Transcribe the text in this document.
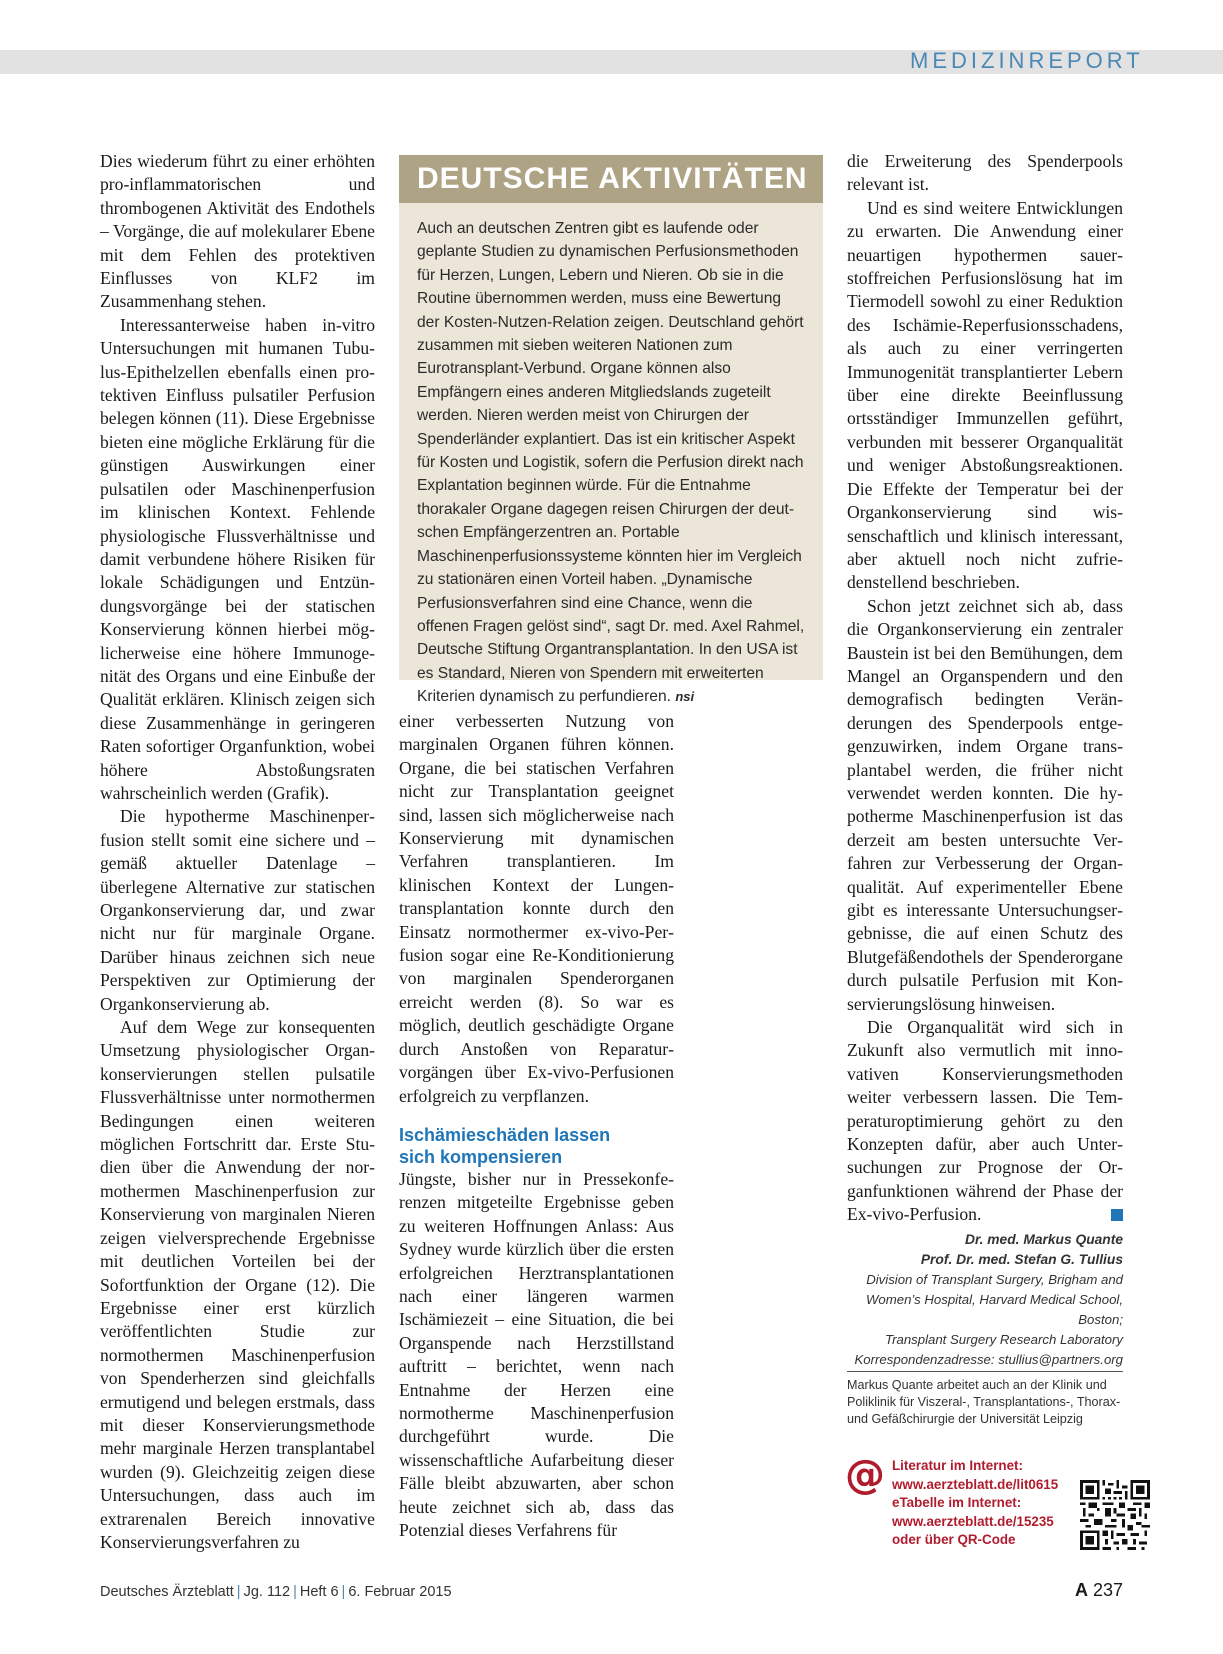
MEDIZINREPORT

Dies wiederum führt zu einer erhöhten pro-inflammatorischen und thrombogenen Aktivität des Endothels – Vorgänge, die auf molekularer Ebene mit dem Fehlen des protektiven Einflusses von KLF2 im Zusammenhang stehen.

Interessanterweise haben in-vitro Untersuchungen mit humanen Tubulus-Epithelzellen ebenfalls einen protektiven Einfluss pulsatiler Perfusion belegen können (11). Diese Ergebnisse bieten eine mögliche Erklärung für die günstigen Auswirkungen einer pulsatilen oder Maschinenperfusion im klinischen Kontext. Fehlende physiologische Flussverhältnisse und damit verbundene höhere Risiken für lokale Schädigungen und Entzündungsvorgänge bei der statischen Konservierung können hierbei möglicherweise eine höhere Immunogenität des Organs und eine Einbuße der Qualität erklären. Klinisch zeigen sich diese Zusammenhänge in geringeren Raten sofortiger Organfunktion, wobei höhere Abstoßungsraten wahrscheinlich werden (Grafik).

Die hypotherme Maschinenperfusion stellt somit eine sichere und – gemäß aktueller Datenlage – überlegene Alternative zur statischen Organkonservierung dar, und zwar nicht nur für marginale Organe. Darüber hinaus zeichnen sich neue Perspektiven zur Optimierung der Organkonservierung ab.

Auf dem Wege zur konsequenten Umsetzung physiologischer Organkonservierungen stellen pulsatile Flussverhältnisse unter normothermen Bedingungen einen weiteren möglichen Fortschritt dar. Erste Studien über die Anwendung der normothermen Maschinenperfusion zur Konservierung von marginalen Nieren zeigen vielversprechende Ergebnisse mit deutlichen Vorteilen bei der Sofortfunktion der Organe (12). Die Ergebnisse einer erst kürzlich veröffentlichten Studie zur normothermen Maschinenperfusion von Spenderherzen sind gleichfalls ermutigend und belegen erstmals, dass mit dieser Konservierungsmethode mehr marginale Herzen transplantabel wurden (9). Gleichzeitig zeigen diese Untersuchungen, dass auch im extrarenalen Bereich innovative Konservierungsverfahren zu

DEUTSCHE AKTIVITÄTEN
Auch an deutschen Zentren gibt es laufende oder geplante Studien zu dynamischen Perfusionsmethoden für Herzen, Lungen, Lebern und Nieren. Ob sie in die Routine übernommen werden, muss eine Bewertung der Kosten-Nutzen-Relation zeigen. Deutschland gehört zusammen mit sieben weiteren Nationen zum Eurotransplant-Verbund. Organe können also Empfängern eines anderen Mitgliedslands zugeteilt werden. Nieren werden meist von Chirurgen der Spenderländer explantiert. Das ist ein kritischer Aspekt für Kosten und Logistik, sofern die Perfusion direkt nach Explantation beginnen würde. Für die Entnahme thorakaler Organe dagegen reisen Chirurgen der deutschen Empfängerzentren an. Portable Maschinenperfusionssysteme könnten hier im Vergleich zu stationären einen Vorteil haben. „Dynamische Perfusionsverfahren sind eine Chance, wenn die offenen Fragen gelöst sind“, sagt Dr. med. Axel Rahmel, Deutsche Stiftung Organtransplantation. In den USA ist es Standard, Nieren von Spendern mit erweiterten Kriterien dynamisch zu perfundieren. nsi

einer verbesserten Nutzung von marginalen Organen führen können. Organe, die bei statischen Verfahren nicht zur Transplantation geeignet sind, lassen sich möglicherweise nach Konservierung mit dynamischen Verfahren transplantieren. Im klinischen Kontext der Lungentransplantation konnte durch den Einsatz normothermer ex-vivo-Perfusion sogar eine Re-Konditionierung von marginalen Spenderorganen erreicht werden (8). So war es möglich, deutlich geschädigte Organe durch Anstoßen von Reparaturvorgängen über Ex-vivo-Perfusionen erfolgreich zu verpflanzen.

Ischämieschäden lassen
sich kompensieren

Jüngste, bisher nur in Pressekonferenzen mitgeteilte Ergebnisse geben zu weiteren Hoffnungen Anlass: Aus Sydney wurde kürzlich über die ersten erfolgreichen Herztransplantationen nach einer längeren warmen Ischämiezeit – eine Situation, die bei Organspende nach Herzstillstand auftritt – berichtet, wenn nach Entnahme der Herzen eine normotherme Maschinenperfusion durchgeführt wurde. Die wissenschaftliche Aufarbeitung dieser Fälle bleibt abzuwarten, aber schon heute zeichnet sich ab, dass das Potenzial dieses Verfahrens für

die Erweiterung des Spenderpools relevant ist.

Und es sind weitere Entwicklungen zu erwarten. Die Anwendung einer neuartigen hypothermen sauerstoffreichen Perfusionslösung hat im Tiermodell sowohl zu einer Reduktion des Ischämie-Reperfusionsschadens, als auch zu einer verringerten Immunogenität transplantierter Lebern über eine direkte Beeinflussung ortsständiger Immunzellen geführt, verbunden mit besserer Organqualität und weniger Abstoßungsreaktionen. Die Effekte der Temperatur bei der Organkonservierung sind wissenschaftlich und klinisch interessant, aber aktuell noch nicht zufriedenstellend beschrieben.

Schon jetzt zeichnet sich ab, dass die Organkonservierung ein zentraler Baustein ist bei den Bemühungen, dem Mangel an Organspendern und den demografisch bedingten Veränderungen des Spenderpools entgegenzuwirken, indem Organe transplantabel werden, die früher nicht verwendet werden konnten. Die hypotherme Maschinenperfusion ist das derzeit am besten untersuchte Verfahren zur Verbesserung der Organqualität. Auf experimenteller Ebene gibt es interessante Untersuchungsergebnisse, die auf einen Schutz des Blutgefäßendothels der Spenderorgane durch pulsatile Perfusion mit Konservierungslösung hinweisen.

Die Organqualität wird sich in Zukunft also vermutlich mit innovativen Konservierungsmethoden weiter verbessern lassen. Die Temperaturoptimierung gehört zu den Konzepten dafür, aber auch Untersuchungen zur Prognose der Organfunktionen während der Phase der Ex-vivo-Perfusion.

Dr. med. Markus Quante
Prof. Dr. med. Stefan G. Tullius
Division of Transplant Surgery, Brigham and
Women’s Hospital, Harvard Medical School, Boston;
Transplant Surgery Research Laboratory
Korrespondenzadresse: stullius@partners.org
Markus Quante arbeitet auch an der Klinik und Poliklinik für Viszeral-, Transplantations-, Thorax- und Gefäßchirurgie der Universität Leipzig
@ Literatur im Internet:
www.aerzteblatt.de/lit0615
eTabelle im Internet:
www.aerzteblatt.de/15235
oder über QR-Code
Deutsches Ärzteblatt | Jg. 112 | Heft 6 | 6. Februar 2015	A 237
